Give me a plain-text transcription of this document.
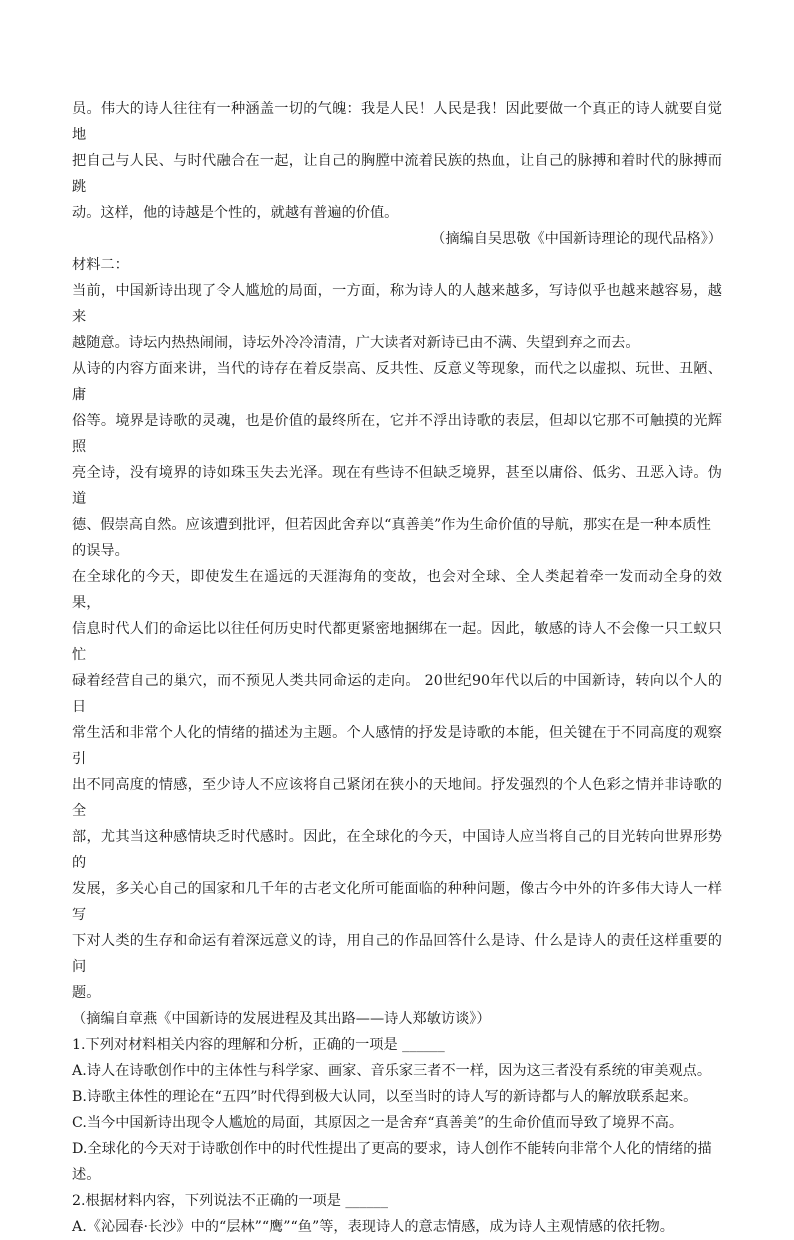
员。伟大的诗人往往有一种涵盖一切的气魄：我是人民！人民是我！因此要做一个真正的诗人就要自觉地
把自己与人民、与时代融合在一起，让自己的胸膛中流着民族的热血，让自己的脉搏和着时代的脉搏而跳
动。这样，他的诗越是个性的，就越有普遍的价值。

（摘编自吴思敬《中国新诗理论的现代品格》）

材料二：

当前，中国新诗出现了令人尴尬的局面，一方面，称为诗人的人越来越多，写诗似乎也越来越容易，越来
越随意。诗坛内热热闹闹，诗坛外冷冷清清，广大读者对新诗已由不满、失望到弃之而去。

从诗的内容方面来讲，当代的诗存在着反崇高、反共性、反意义等现象，而代之以虚拟、玩世、丑陋、庸
俗等。境界是诗歌的灵魂，也是价值的最终所在，它并不浮出诗歌的表层，但却以它那不可触摸的光辉照
亮全诗，没有境界的诗如珠玉失去光泽。现在有些诗不但缺乏境界，甚至以庸俗、低劣、丑恶入诗。伪道
德、假崇高自然。应该遭到批评，但若因此舍弃以“真善美”作为生命价值的导航，那实在是一种本质性
的误导。

在全球化的今天，即使发生在遥远的天涯海角的变故，也会对全球、全人类起着牵一发而动全身的效果，
信息时代人们的命运比以往任何历史时代都更紧密地捆绑在一起。因此，敏感的诗人不会像一只工蚁只忙
碌着经营自己的巢穴，而不预见人类共同命运的走向。 20世纪90年代以后的中国新诗，转向以个人的日
常生活和非常个人化的情绪的描述为主题。个人感情的抒发是诗歌的本能，但关键在于不同高度的观察引
出不同高度的情感，至少诗人不应该将自己紧闭在狭小的天地间。抒发强烈的个人色彩之情并非诗歌的全
部，尤其当这种感情块乏时代感时。因此，在全球化的今天，中国诗人应当将自己的目光转向世界形势的
发展，多关心自己的国家和几千年的古老文化所可能面临的种种问题，像古今中外的许多伟大诗人一样写
下对人类的生存和命运有着深远意义的诗，用自己的作品回答什么是诗、什么是诗人的责任这样重要的问
题。

（摘编自章燕《中国新诗的发展进程及其出路——诗人郑敏访谈》）

1.下列对材料相关内容的理解和分析，正确的一项是 ______

A.诗人在诗歌创作中的主体性与科学家、画家、音乐家三者不一样，因为这三者没有系统的审美观点。

B.诗歌主体性的理论在“五四”时代得到极大认同，以至当时的诗人写的新诗都与人的解放联系起来。

C.当今中国新诗出现令人尴尬的局面，其原因之一是舍弃“真善美”的生命价值而导致了境界不高。

D.全球化的今天对于诗歌创作中的时代性提出了更高的要求，诗人创作不能转向非常个人化的情绪的描
述。

2.根据材料内容，下列说法不正确的一项是 ______

A.《沁园春·长沙》中的“层林”“鹰”“鱼”等，表现诗人的意志情感，成为诗人主观情感的依托物。
